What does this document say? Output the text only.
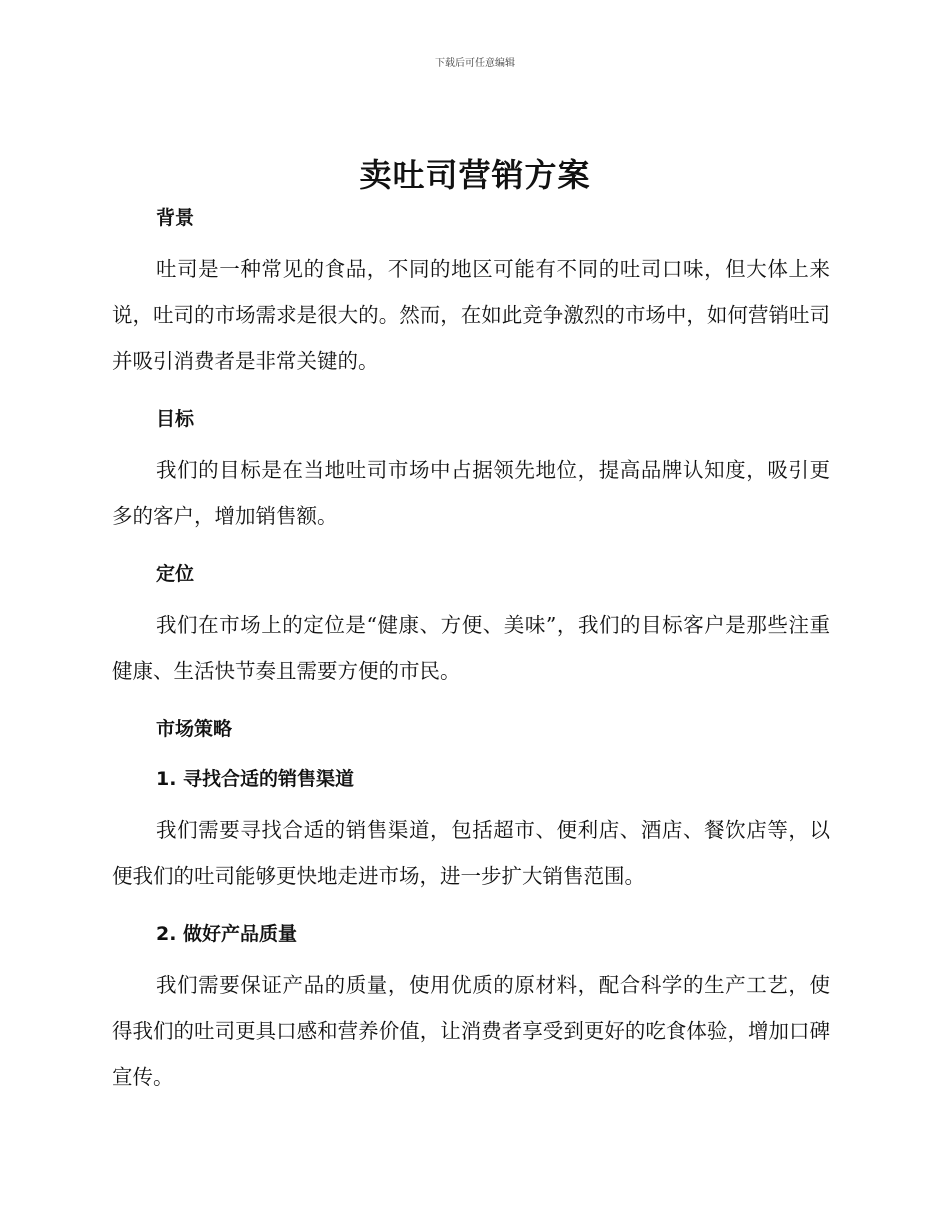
下载后可任意编辑
卖吐司营销方案
背景

吐司是一种常见的食品，不同的地区可能有不同的吐司口味，但大体上来说，吐司的市场需求是很大的。然而，在如此竞争激烈的市场中，如何营销吐司并吸引消费者是非常关键的。

目标

我们的目标是在当地吐司市场中占据领先地位，提高品牌认知度，吸引更多的客户，增加销售额。

定位

我们在市场上的定位是“健康、方便、美味”，我们的目标客户是那些注重健康、生活快节奏且需要方便的市民。

市场策略
1. 寻找合适的销售渠道

我们需要寻找合适的销售渠道，包括超市、便利店、酒店、餐饮店等，以便我们的吐司能够更快地走进市场，进一步扩大销售范围。

2. 做好产品质量

我们需要保证产品的质量，使用优质的原材料，配合科学的生产工艺，使得我们的吐司更具口感和营养价值，让消费者享受到更好的吃食体验，增加口碑宣传。
